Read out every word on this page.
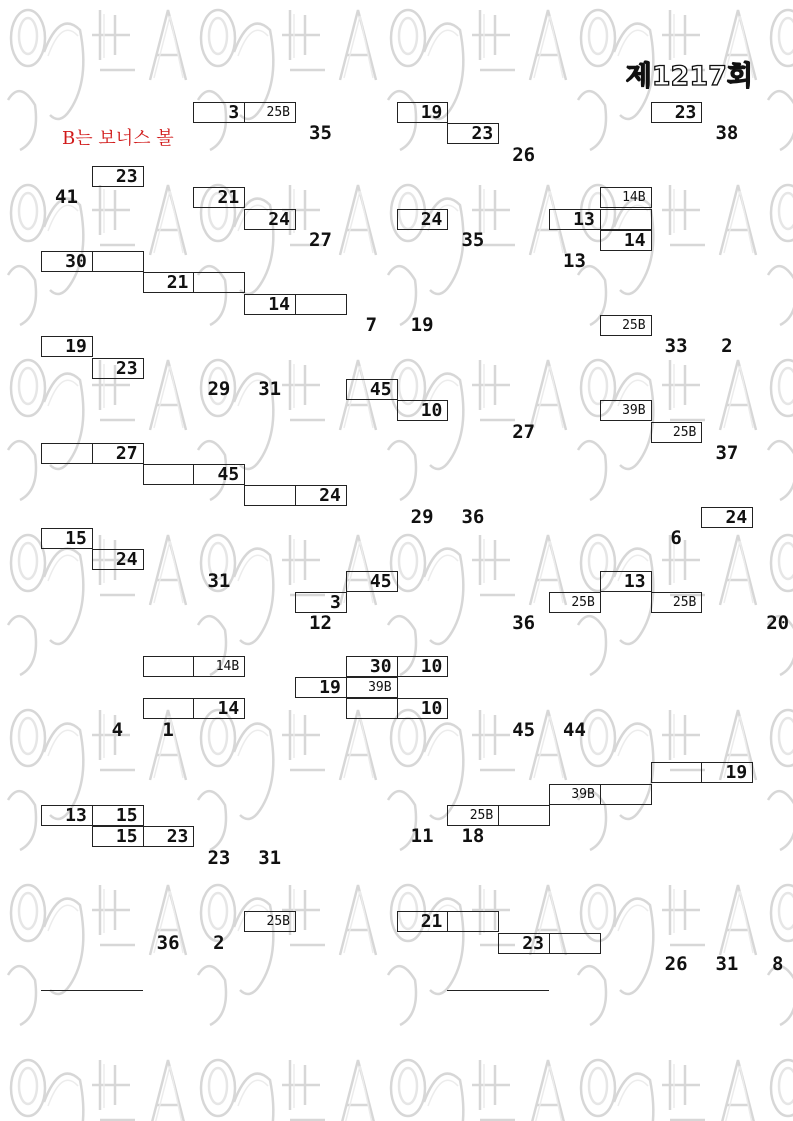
제1217회
B는 보너스 볼
3	25B	19	23
23
35	38
26
23
21	14B
24	24	13
14
41
27	35
13
30
21
14
25B
19
23
7	19
33	2
45
10	39B
25B
27
45
24
29	31
27
37
29	36	24
15
24
45	13
3	25B	25B
6
31
12	36	20
14B	30	10
19	39B
14	10
4	1	45	44
19
39B
13	15	25B
15	23	11	18
23	31
25B	21
23
36	2
26	31	8
